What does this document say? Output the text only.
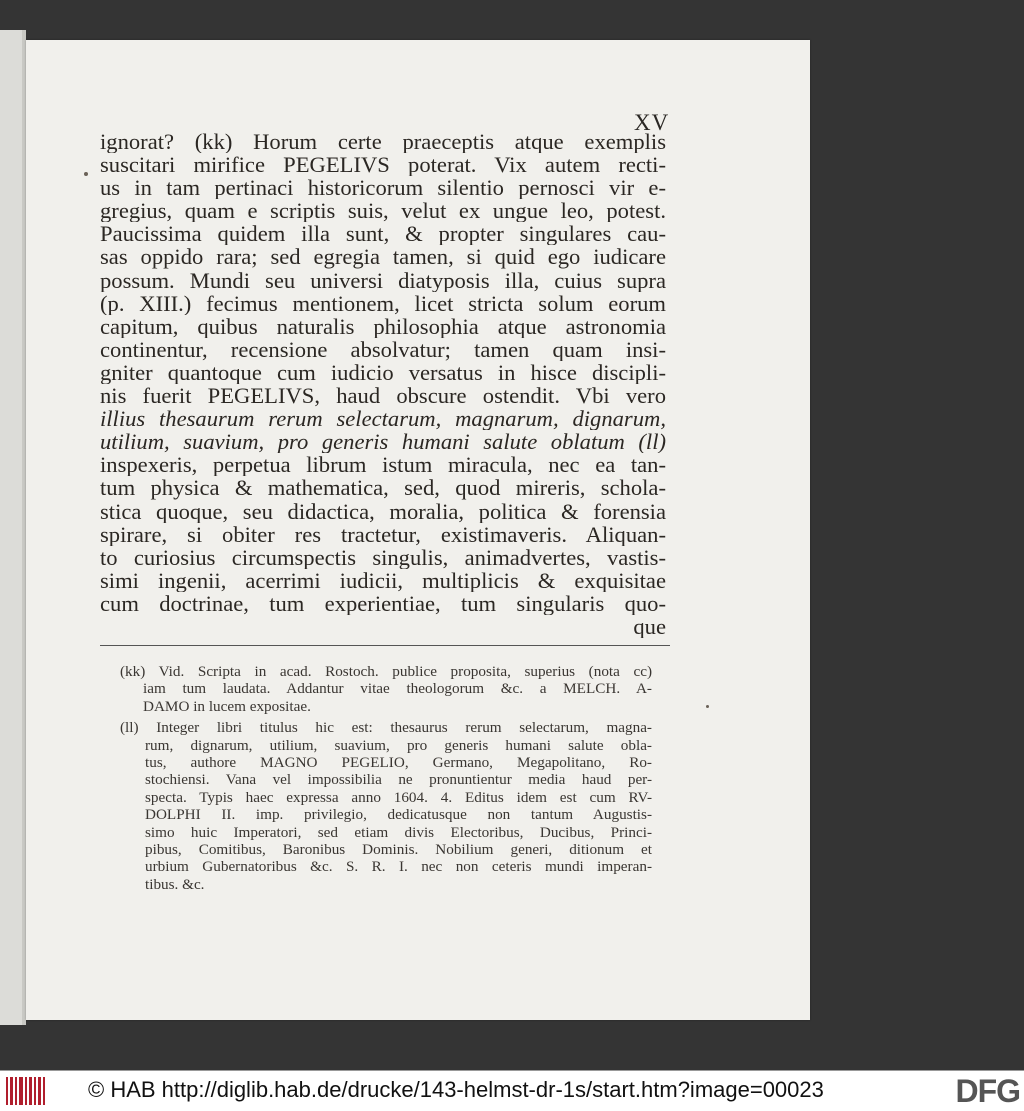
XV
ignorat? (kk) Horum certe praeceptis atque exemplis
suscitari mirifice PEGELIVS poterat. Vix autem recti-
us in tam pertinaci historicorum silentio pernosci vir e-
gregius, quam e scriptis suis, velut ex ungue leo, potest.
Paucissima quidem illa sunt, & propter singulares cau-
sas oppido rara; sed egregia tamen, si quid ego iudicare
possum. Mundi seu universi diatyposis illa, cuius supra
(p. XIII.) fecimus mentionem, licet stricta solum eorum
capitum, quibus naturalis philosophia atque astronomia
continentur, recensione absolvatur; tamen quam insi-
gniter quantoque cum iudicio versatus in hisce discipli-
nis fuerit PEGELIVS, haud obscure ostendit. Vbi vero
illius thesaurum rerum selectarum, magnarum, dignarum,
utilium, suavium, pro generis humani salute oblatum (ll)
inspexeris, perpetua librum istum miracula, nec ea tan-
tum physica & mathematica, sed, quod mireris, schola-
stica quoque, seu didactica, moralia, politica & forensia
spirare, si obiter res tractetur, existimaveris. Aliquan-
to curiosius circumspectis singulis, animadvertes, vastis-
simi ingenii, acerrimi iudicii, multiplicis & exquisitae
cum doctrinae, tum experientiae, tum singularis quo-
que
(kk) Vid. Scripta in acad. Rostoch. publice proposita, superius (nota cc)
iam tum laudata. Addantur vitae theologorum &c. a MELCH. A-
DAMO in lucem expositae.
(ll) Integer libri titulus hic est: thesaurus rerum selectarum, magna-
rum, dignarum, utilium, suavium, pro generis humani salute obla-
tus, authore MAGNO PEGELIO, Germano, Megapolitano, Ro-
stochiensi. Vana vel impossibilia ne pronuntientur media haud per-
specta. Typis haec expressa anno 1604. 4. Editus idem est cum RV-
DOLPHI II. imp. privilegio, dedicatusque non tantum Augustis-
simo huic Imperatori, sed etiam divis Electoribus, Ducibus, Princi-
pibus, Comitibus, Baronibus Dominis. Nobilium generi, ditionum et
urbium Gubernatoribus &c. S. R. I. nec non ceteris mundi imperan-
tibus. &c.
© HAB http://diglib.hab.de/drucke/143-helmst-dr-1s/start.htm?image=00023	DFG
